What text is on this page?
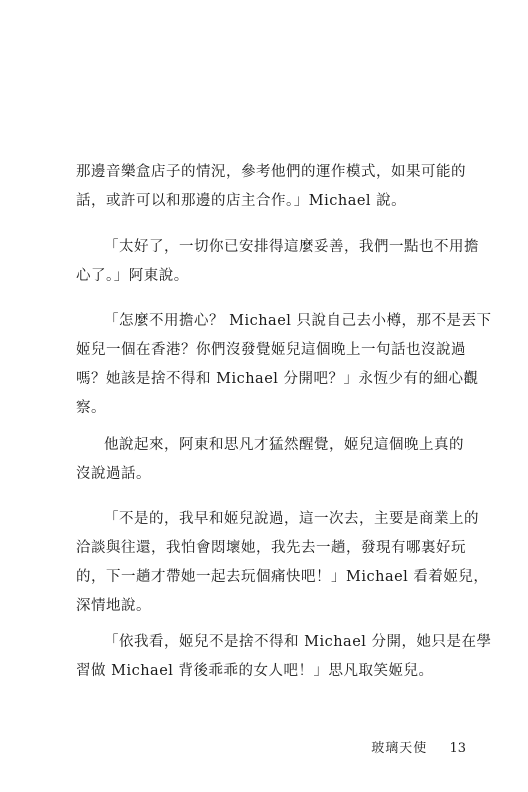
那邊音樂盒店子的情況，參考他們的運作模式，如果可能的
話，或許可以和那邊的店主合作。」Michael 說。

「太好了，一切你已安排得這麼妥善，我們一點也不用擔
心了。」阿東說。

「怎麼不用擔心？ Michael 只說自己去小樽，那不是丟下
姬兒一個在香港？你們沒發覺姬兒這個晚上一句話也沒說過
嗎？她該是捨不得和 Michael 分開吧？」永恆少有的細心觀
察。

他說起來，阿東和思凡才猛然醒覺，姬兒這個晚上真的
沒說過話。

「不是的，我早和姬兒說過，這一次去，主要是商業上的
洽談與往還，我怕會悶壞她，我先去一趟，發現有哪裏好玩
的，下一趟才帶她一起去玩個痛快吧！」Michael 看着姬兒，
深情地說。

「依我看，姬兒不是捨不得和 Michael 分開，她只是在學
習做 Michael 背後乖乖的女人吧！」思凡取笑姬兒。

玻璃天使 13
